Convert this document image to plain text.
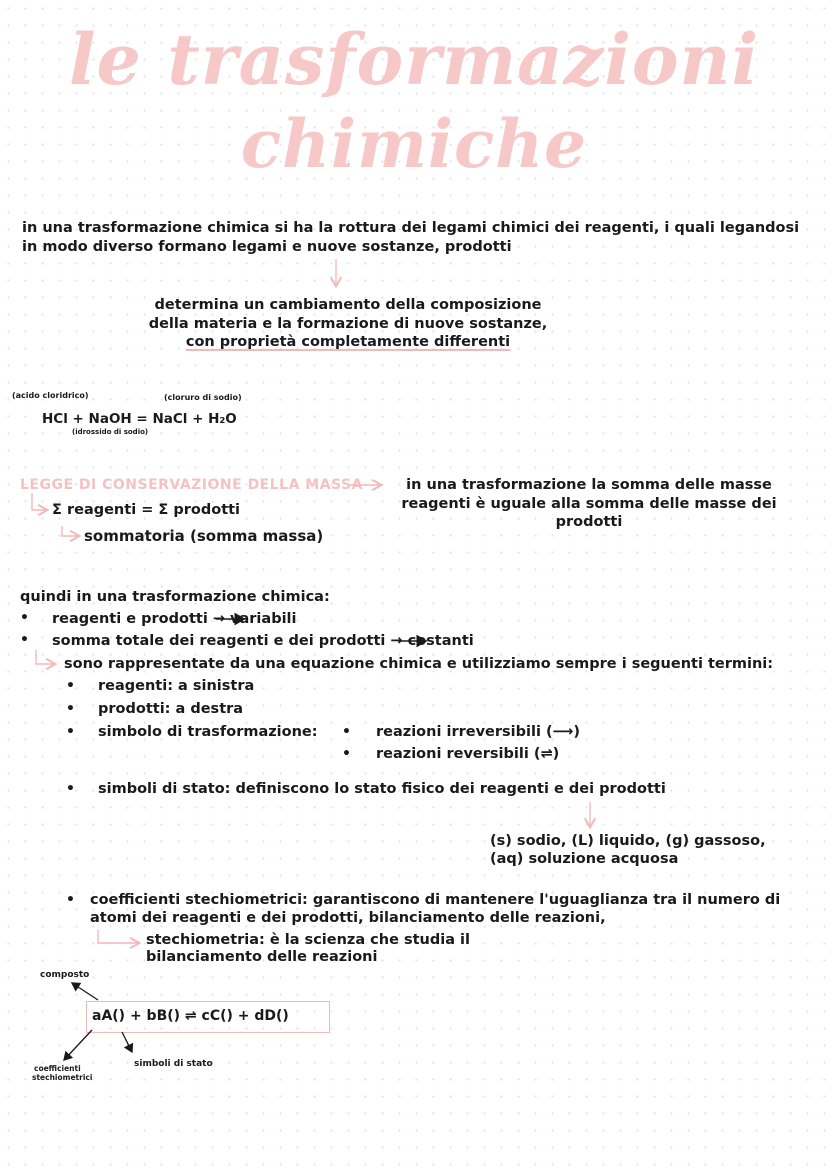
le trasformazioni
chimiche
in una trasformazione chimica si ha la rottura dei legami chimici dei reagenti, i quali legandosi
in modo diverso formano legami e nuove sostanze, prodotti
determina un cambiamento della composizione
della materia e la formazione di nuove sostanze,
con proprietà completamente differenti
(acido cloridrico)	(cloruro di sodio)
HCl + NaOH = NaCl + H₂O
(idrossido di sodio)
LEGGE DI CONSERVAZIONE DELLA MASSA
Σ reagenti = Σ prodotti
sommatoria (somma massa)
in una trasformazione la somma delle masse
reagenti è uguale alla somma delle masse dei
prodotti
quindi in una trasformazione chimica:
• reagenti e prodotti → variabili
• somma totale dei reagenti e dei prodotti → costanti
sono rappresentate da una equazione chimica e utilizziamo sempre i seguenti termini:
• reagenti: a sinistra
• prodotti: a destra
• simbolo di trasformazione: • reazioni irreversibili (⟶)
• reazioni reversibili (⇌)
• simboli di stato: definiscono lo stato fisico dei reagenti e dei prodotti
(s) sodio, (L) liquido, (g) gassoso,
(aq) soluzione acquosa
• coefficienti stechiometrici: garantiscono di mantenere l'uguaglianza tra il numero di
atomi dei reagenti e dei prodotti, bilanciamento delle reazioni,
stechiometria: è la scienza che studia il
bilanciamento delle reazioni
composto
aA() + bB() ⇌ cC() + dD()
simboli di stato
coefficienti
stechiometrici
